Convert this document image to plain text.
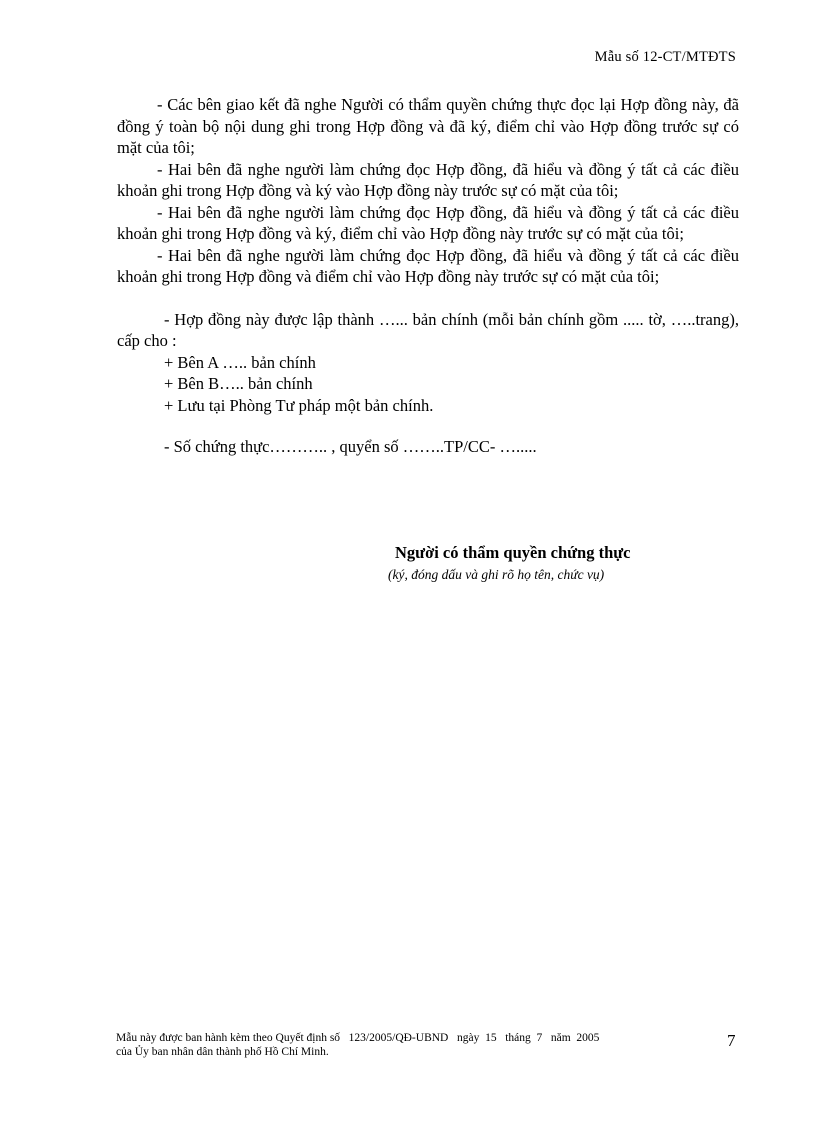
Mẫu số 12-CT/MTĐTS

- Các bên giao kết đã nghe Người có thẩm quyền chứng thực đọc lại Hợp đồng này, đã đồng ý toàn bộ nội dung ghi trong Hợp đồng và đã ký, điểm chỉ vào Hợp đồng trước sự có mặt của tôi;

- Hai bên đã nghe người làm chứng đọc Hợp đồng, đã hiểu và đồng ý tất cả các điều khoản ghi trong Hợp đồng và ký vào Hợp đồng này trước sự có mặt của tôi;

- Hai bên đã nghe người làm chứng đọc Hợp đồng, đã hiểu và đồng ý tất cả các điều khoản ghi trong Hợp đồng và ký, điểm chỉ vào Hợp đồng này trước sự có mặt của tôi;

- Hai bên đã nghe người làm chứng đọc Hợp đồng, đã hiểu và đồng ý tất cả các điều khoản ghi trong Hợp đồng và điểm chỉ vào Hợp đồng này trước sự có mặt của tôi;

- Hợp đồng này được lập thành …... bản chính (mỗi bản chính gồm ..... tờ, …..trang), cấp cho :

+ Bên A ….. bản chính

+ Bên B….. bản chính

+ Lưu tại Phòng Tư pháp một bản chính.

- Số chứng thực……….. , quyển số ……..TP/CC- ….....

Người có thẩm quyền chứng thực
(ký, đóng dấu và ghi rõ họ tên, chức vụ)
Mẫu này được ban hành kèm theo Quyết định số   123/2005/QĐ-UBND   ngày  15   tháng  7   năm  2005
của Ủy ban nhân dân thành phố Hồ Chí Minh.
7
